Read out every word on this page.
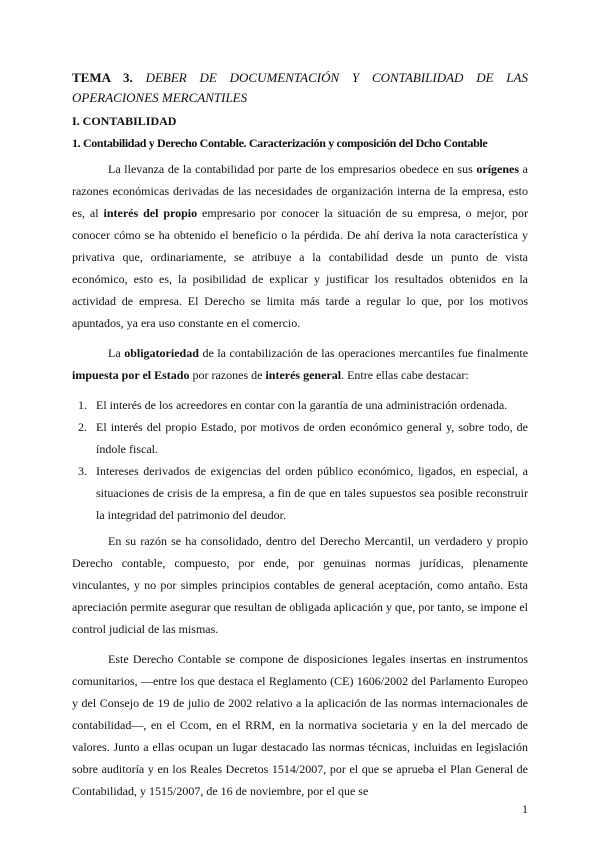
TEMA 3. DEBER DE DOCUMENTACIÓN Y CONTABILIDAD DE LAS OPERACIONES MERCANTILES
I. CONTABILIDAD
1. Contabilidad y Derecho Contable. Caracterización y composición del Dcho Contable

La llevanza de la contabilidad por parte de los empresarios obedece en sus orígenes a razones económicas derivadas de las necesidades de organización interna de la empresa, esto es, al interés del propio empresario por conocer la situación de su empresa, o mejor, por conocer cómo se ha obtenido el beneficio o la pérdida. De ahí deriva la nota característica y privativa que, ordinariamente, se atribuye a la contabilidad desde un punto de vista económico, esto es, la posibilidad de explicar y justificar los resultados obtenidos en la actividad de empresa. El Derecho se limita más tarde a regular lo que, por los motivos apuntados, ya era uso constante en el comercio.

La obligatoriedad de la contabilización de las operaciones mercantiles fue finalmente impuesta por el Estado por razones de interés general. Entre ellas cabe destacar:

1. El interés de los acreedores en contar con la garantía de una administración ordenada.
2. El interés del propio Estado, por motivos de orden económico general y, sobre todo, de índole fiscal.
3. Intereses derivados de exigencias del orden público económico, ligados, en especial, a situaciones de crisis de la empresa, a fin de que en tales supuestos sea posible reconstruir la integridad del patrimonio del deudor.

En su razón se ha consolidado, dentro del Derecho Mercantil, un verdadero y propio Derecho contable, compuesto, por ende, por genuinas normas jurídicas, plenamente vinculantes, y no por simples principios contables de general aceptación, como antaño. Esta apreciación permite asegurar que resultan de obligada aplicación y que, por tanto, se impone el control judicial de las mismas.

Este Derecho Contable se compone de disposiciones legales insertas en instrumentos comunitarios, —entre los que destaca el Reglamento (CE) 1606/2002 del Parlamento Europeo y del Consejo de 19 de julio de 2002 relativo a la aplicación de las normas internacionales de contabilidad—, en el Ccom, en el RRM, en la normativa societaria y en la del mercado de valores. Junto a ellas ocupan un lugar destacado las normas técnicas, incluidas en legislación sobre auditoría y en los Reales Decretos 1514/2007, por el que se aprueba el Plan General de Contabilidad, y 1515/2007, de 16 de noviembre, por el que se

1
